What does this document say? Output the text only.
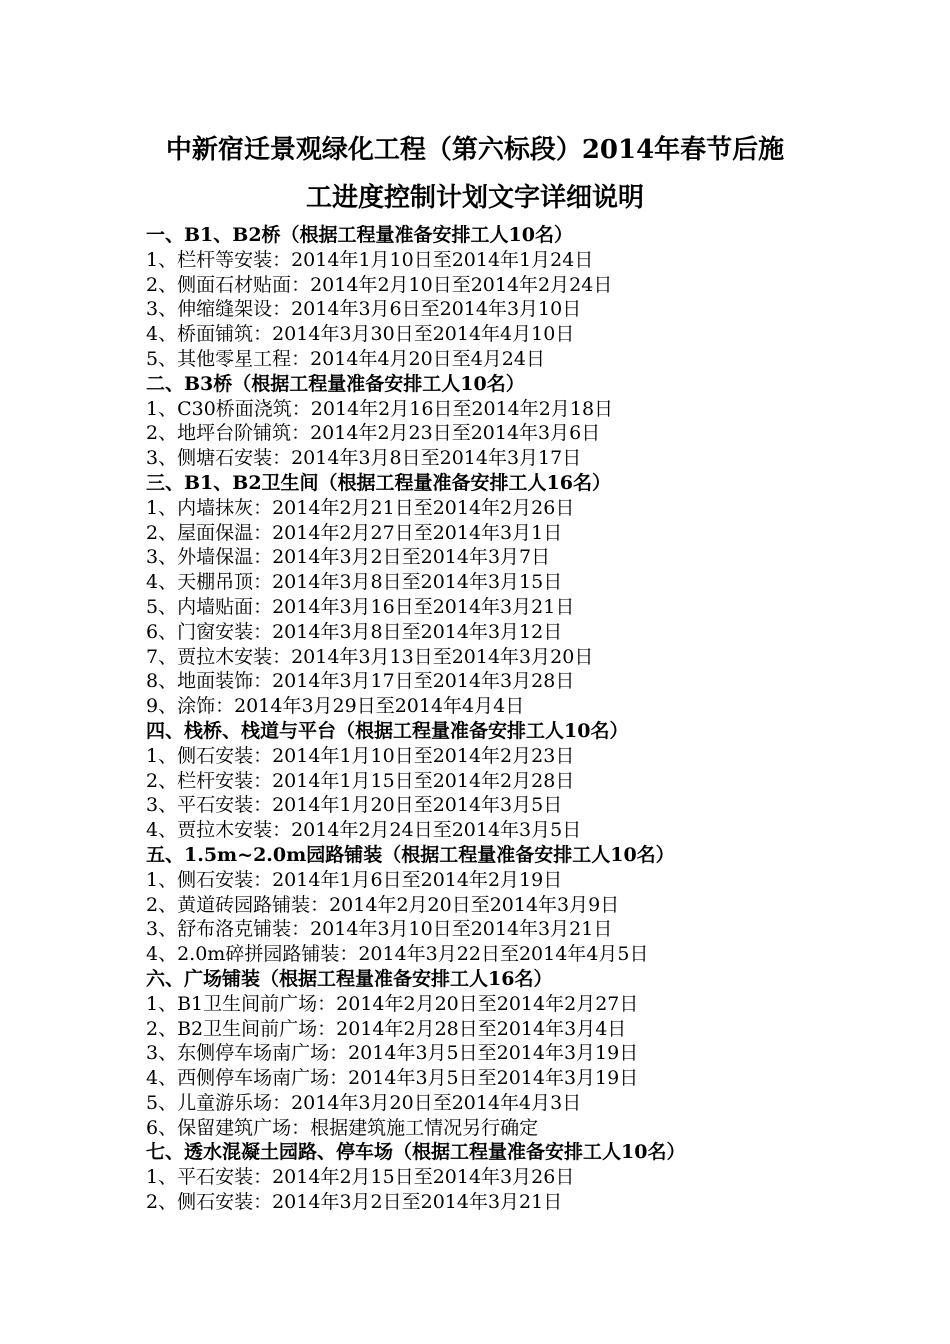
中新宿迁景观绿化工程（第六标段）2014年春节后施
工进度控制计划文字详细说明
一、B1、B2桥（根据工程量准备安排工人10名）
1、栏杆等安装：2014年1月10日至2014年1月24日
2、侧面石材贴面：2014年2月10日至2014年2月24日
3、伸缩缝架设：2014年3月6日至2014年3月10日
4、桥面铺筑：2014年3月30日至2014年4月10日
5、其他零星工程：2014年4月20日至4月24日
二、B3桥（根据工程量准备安排工人10名）
1、C30桥面浇筑：2014年2月16日至2014年2月18日
2、地坪台阶铺筑：2014年2月23日至2014年3月6日
3、侧塘石安装：2014年3月8日至2014年3月17日
三、B1、B2卫生间（根据工程量准备安排工人16名）
1、内墙抹灰：2014年2月21日至2014年2月26日
2、屋面保温：2014年2月27日至2014年3月1日
3、外墙保温：2014年3月2日至2014年3月7日
4、天棚吊顶：2014年3月8日至2014年3月15日
5、内墙贴面：2014年3月16日至2014年3月21日
6、门窗安装：2014年3月8日至2014年3月12日
7、贾拉木安装：2014年3月13日至2014年3月20日
8、地面装饰：2014年3月17日至2014年3月28日
9、涂饰：2014年3月29日至2014年4月4日
四、栈桥、栈道与平台（根据工程量准备安排工人10名）
1、侧石安装：2014年1月10日至2014年2月23日
2、栏杆安装：2014年1月15日至2014年2月28日
3、平石安装：2014年1月20日至2014年3月5日
4、贾拉木安装：2014年2月24日至2014年3月5日
五、1.5m~2.0m园路铺装（根据工程量准备安排工人10名）
1、侧石安装：2014年1月6日至2014年2月19日
2、黄道砖园路铺装：2014年2月20日至2014年3月9日
3、舒布洛克铺装：2014年3月10日至2014年3月21日
4、2.0m碎拼园路铺装：2014年3月22日至2014年4月5日
六、广场铺装（根据工程量准备安排工人16名）
1、B1卫生间前广场：2014年2月20日至2014年2月27日
2、B2卫生间前广场：2014年2月28日至2014年3月4日
3、东侧停车场南广场：2014年3月5日至2014年3月19日
4、西侧停车场南广场：2014年3月5日至2014年3月19日
5、儿童游乐场：2014年3月20日至2014年4月3日
6、保留建筑广场：根据建筑施工情况另行确定
七、透水混凝土园路、停车场（根据工程量准备安排工人10名）
1、平石安装：2014年2月15日至2014年3月26日
2、侧石安装：2014年3月2日至2014年3月21日
